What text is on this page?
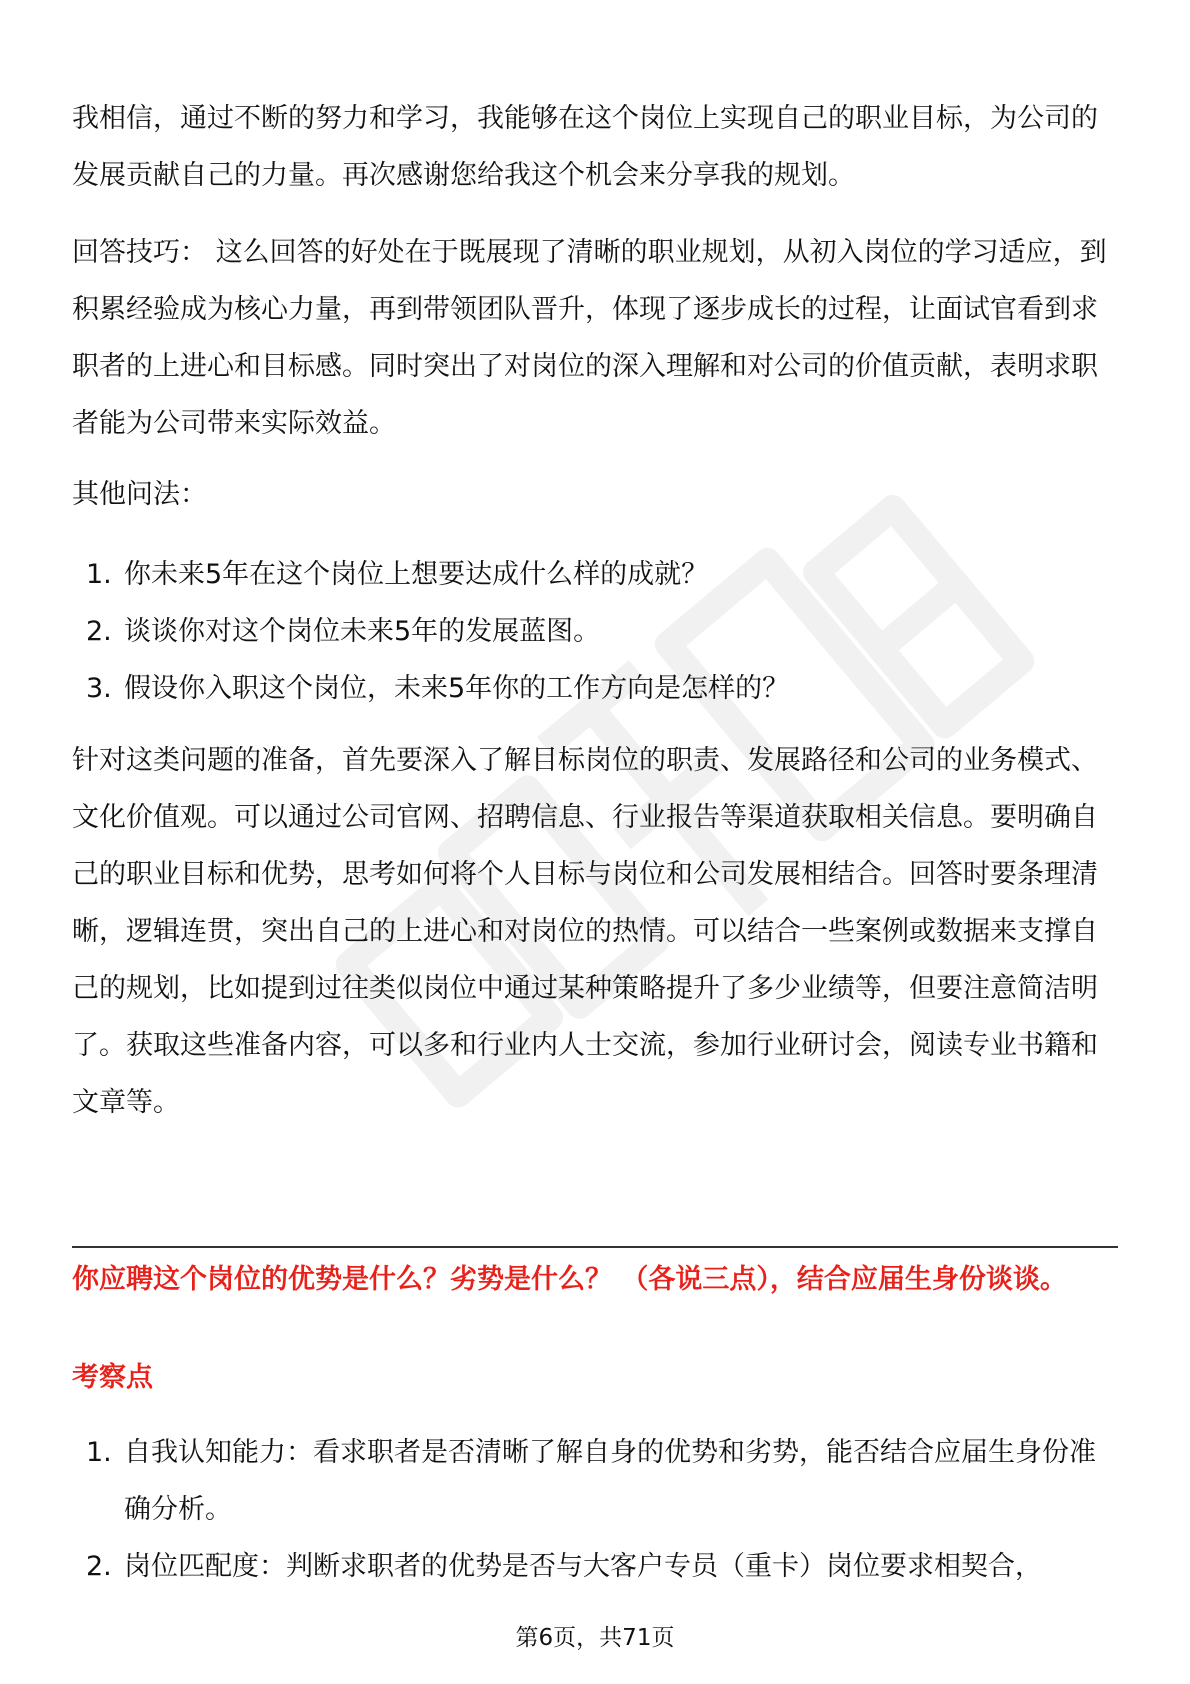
我相信，通过不断的努力和学习，我能够在这个岗位上实现自己的职业目标，为公司的发展贡献自己的力量。再次感谢您给我这个机会来分享我的规划。

回答技巧： 这么回答的好处在于既展现了清晰的职业规划，从初入岗位的学习适应，到积累经验成为核心力量，再到带领团队晋升，体现了逐步成长的过程，让面试官看到求职者的上进心和目标感。同时突出了对岗位的深入理解和对公司的价值贡献，表明求职者能为公司带来实际效益。

其他问法：

1. 你未来5年在这个岗位上想要达成什么样的成就？
2. 谈谈你对这个岗位未来5年的发展蓝图。
3. 假设你入职这个岗位，未来5年你的工作方向是怎样的？

针对这类问题的准备，首先要深入了解目标岗位的职责、发展路径和公司的业务模式、文化价值观。可以通过公司官网、招聘信息、行业报告等渠道获取相关信息。要明确自己的职业目标和优势，思考如何将个人目标与岗位和公司发展相结合。回答时要条理清晰，逻辑连贯，突出自己的上进心和对岗位的热情。可以结合一些案例或数据来支撑自己的规划，比如提到过往类似岗位中通过某种策略提升了多少业绩等，但要注意简洁明了。获取这些准备内容，可以多和行业内人士交流，参加行业研讨会，阅读专业书籍和文章等。

你应聘这个岗位的优势是什么？劣势是什么？ （各说三点），结合应届生身份谈谈。
考察点
1. 自我认知能力：看求职者是否清晰了解自身的优势和劣势，能否结合应届生身份准确分析。
2. 岗位匹配度：判断求职者的优势是否与大客户专员（重卡）岗位要求相契合，
第6页，共71页
